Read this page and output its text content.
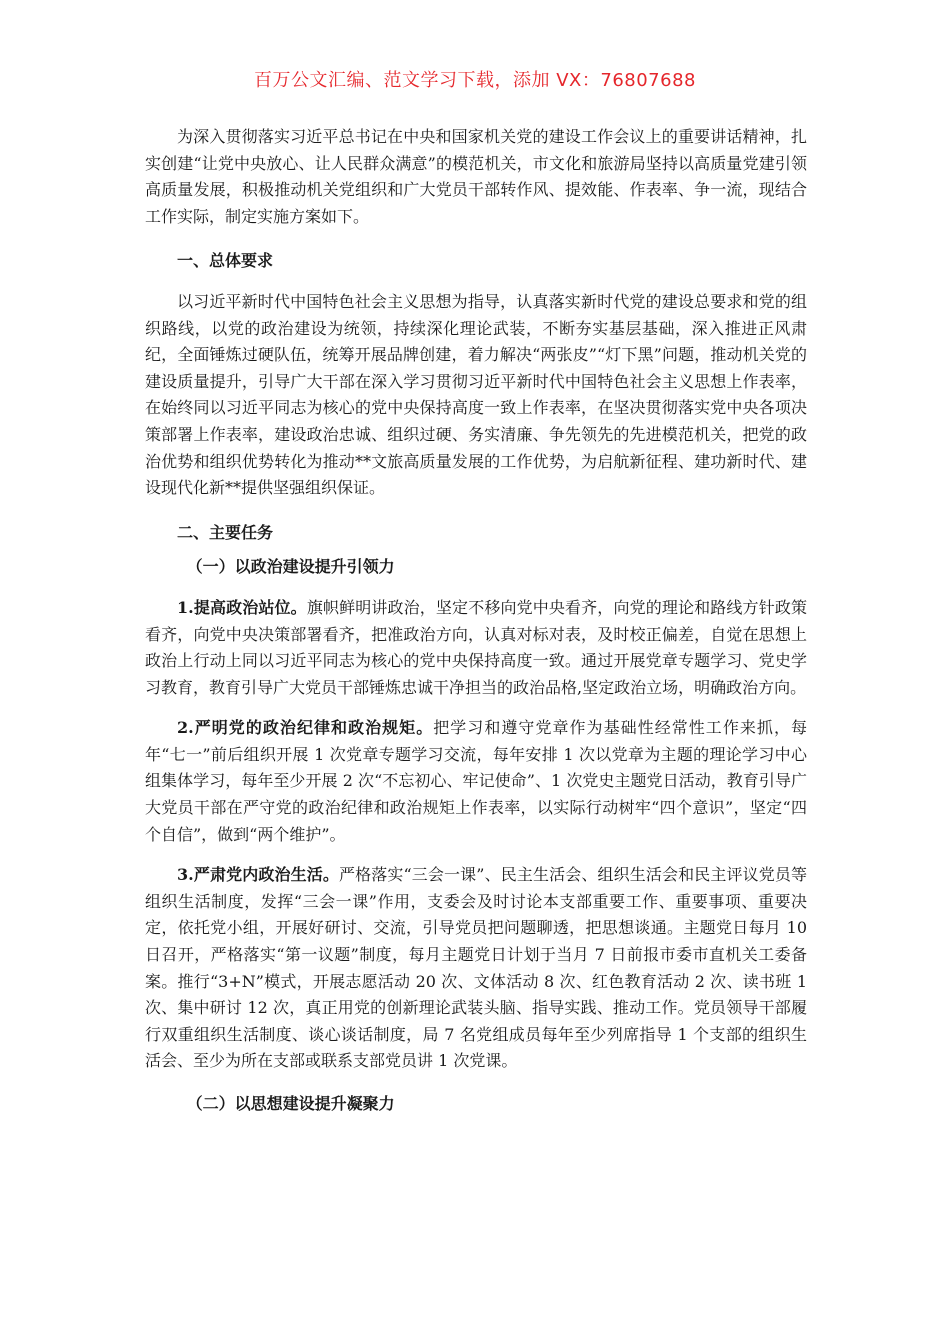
百万公文汇编、范文学习下载，添加 VX：76807688

为深入贯彻落实习近平总书记在中央和国家机关党的建设工作会议上的重要讲话精神，扎实创建“让党中央放心、让人民群众满意”的模范机关，市文化和旅游局坚持以高质量党建引领高质量发展，积极推动机关党组织和广大党员干部转作风、提效能、作表率、争一流，现结合工作实际，制定实施方案如下。

一、总体要求

以习近平新时代中国特色社会主义思想为指导，认真落实新时代党的建设总要求和党的组织路线，以党的政治建设为统领，持续深化理论武装，不断夯实基层基础，深入推进正风肃纪，全面锤炼过硬队伍，统筹开展品牌创建，着力解决“两张皮”“灯下黑”问题，推动机关党的建设质量提升，引导广大干部在深入学习贯彻习近平新时代中国特色社会主义思想上作表率，在始终同以习近平同志为核心的党中央保持高度一致上作表率，在坚决贯彻落实党中央各项决策部署上作表率，建设政治忠诚、组织过硬、务实清廉、争先领先的先进模范机关，把党的政治优势和组织优势转化为推动**文旅高质量发展的工作优势，为启航新征程、建功新时代、建设现代化新**提供坚强组织保证。

二、主要任务

（一）以政治建设提升引领力

1.提高政治站位。旗帜鲜明讲政治，坚定不移向党中央看齐，向党的理论和路线方针政策看齐，向党中央决策部署看齐，把准政治方向，认真对标对表，及时校正偏差，自觉在思想上政治上行动上同以习近平同志为核心的党中央保持高度一致。通过开展党章专题学习、党史学习教育，教育引导广大党员干部锤炼忠诚干净担当的政治品格,坚定政治立场，明确政治方向。

2.严明党的政治纪律和政治规矩。把学习和遵守党章作为基础性经常性工作来抓，每年“七一”前后组织开展 1 次党章专题学习交流，每年安排 1 次以党章为主题的理论学习中心组集体学习，每年至少开展 2 次“不忘初心、牢记使命”、1 次党史主题党日活动，教育引导广大党员干部在严守党的政治纪律和政治规矩上作表率，以实际行动树牢“四个意识”，坚定“四个自信”，做到“两个维护”。

3.严肃党内政治生活。严格落实“三会一课”、民主生活会、组织生活会和民主评议党员等组织生活制度，发挥“三会一课”作用，支委会及时讨论本支部重要工作、重要事项、重要决定，依托党小组，开展好研讨、交流，引导党员把问题聊透，把思想谈通。主题党日每月 10 日召开，严格落实“第一议题”制度，每月主题党日计划于当月 7 日前报市委市直机关工委备案。推行“3+N”模式，开展志愿活动 20 次、文体活动 8 次、红色教育活动 2 次、读书班 1 次、集中研讨 12 次，真正用党的创新理论武装头脑、指导实践、推动工作。党员领导干部履行双重组织生活制度、谈心谈话制度，局 7 名党组成员每年至少列席指导 1 个支部的组织生活会、至少为所在支部或联系支部党员讲 1 次党课。

（二）以思想建设提升凝聚力
